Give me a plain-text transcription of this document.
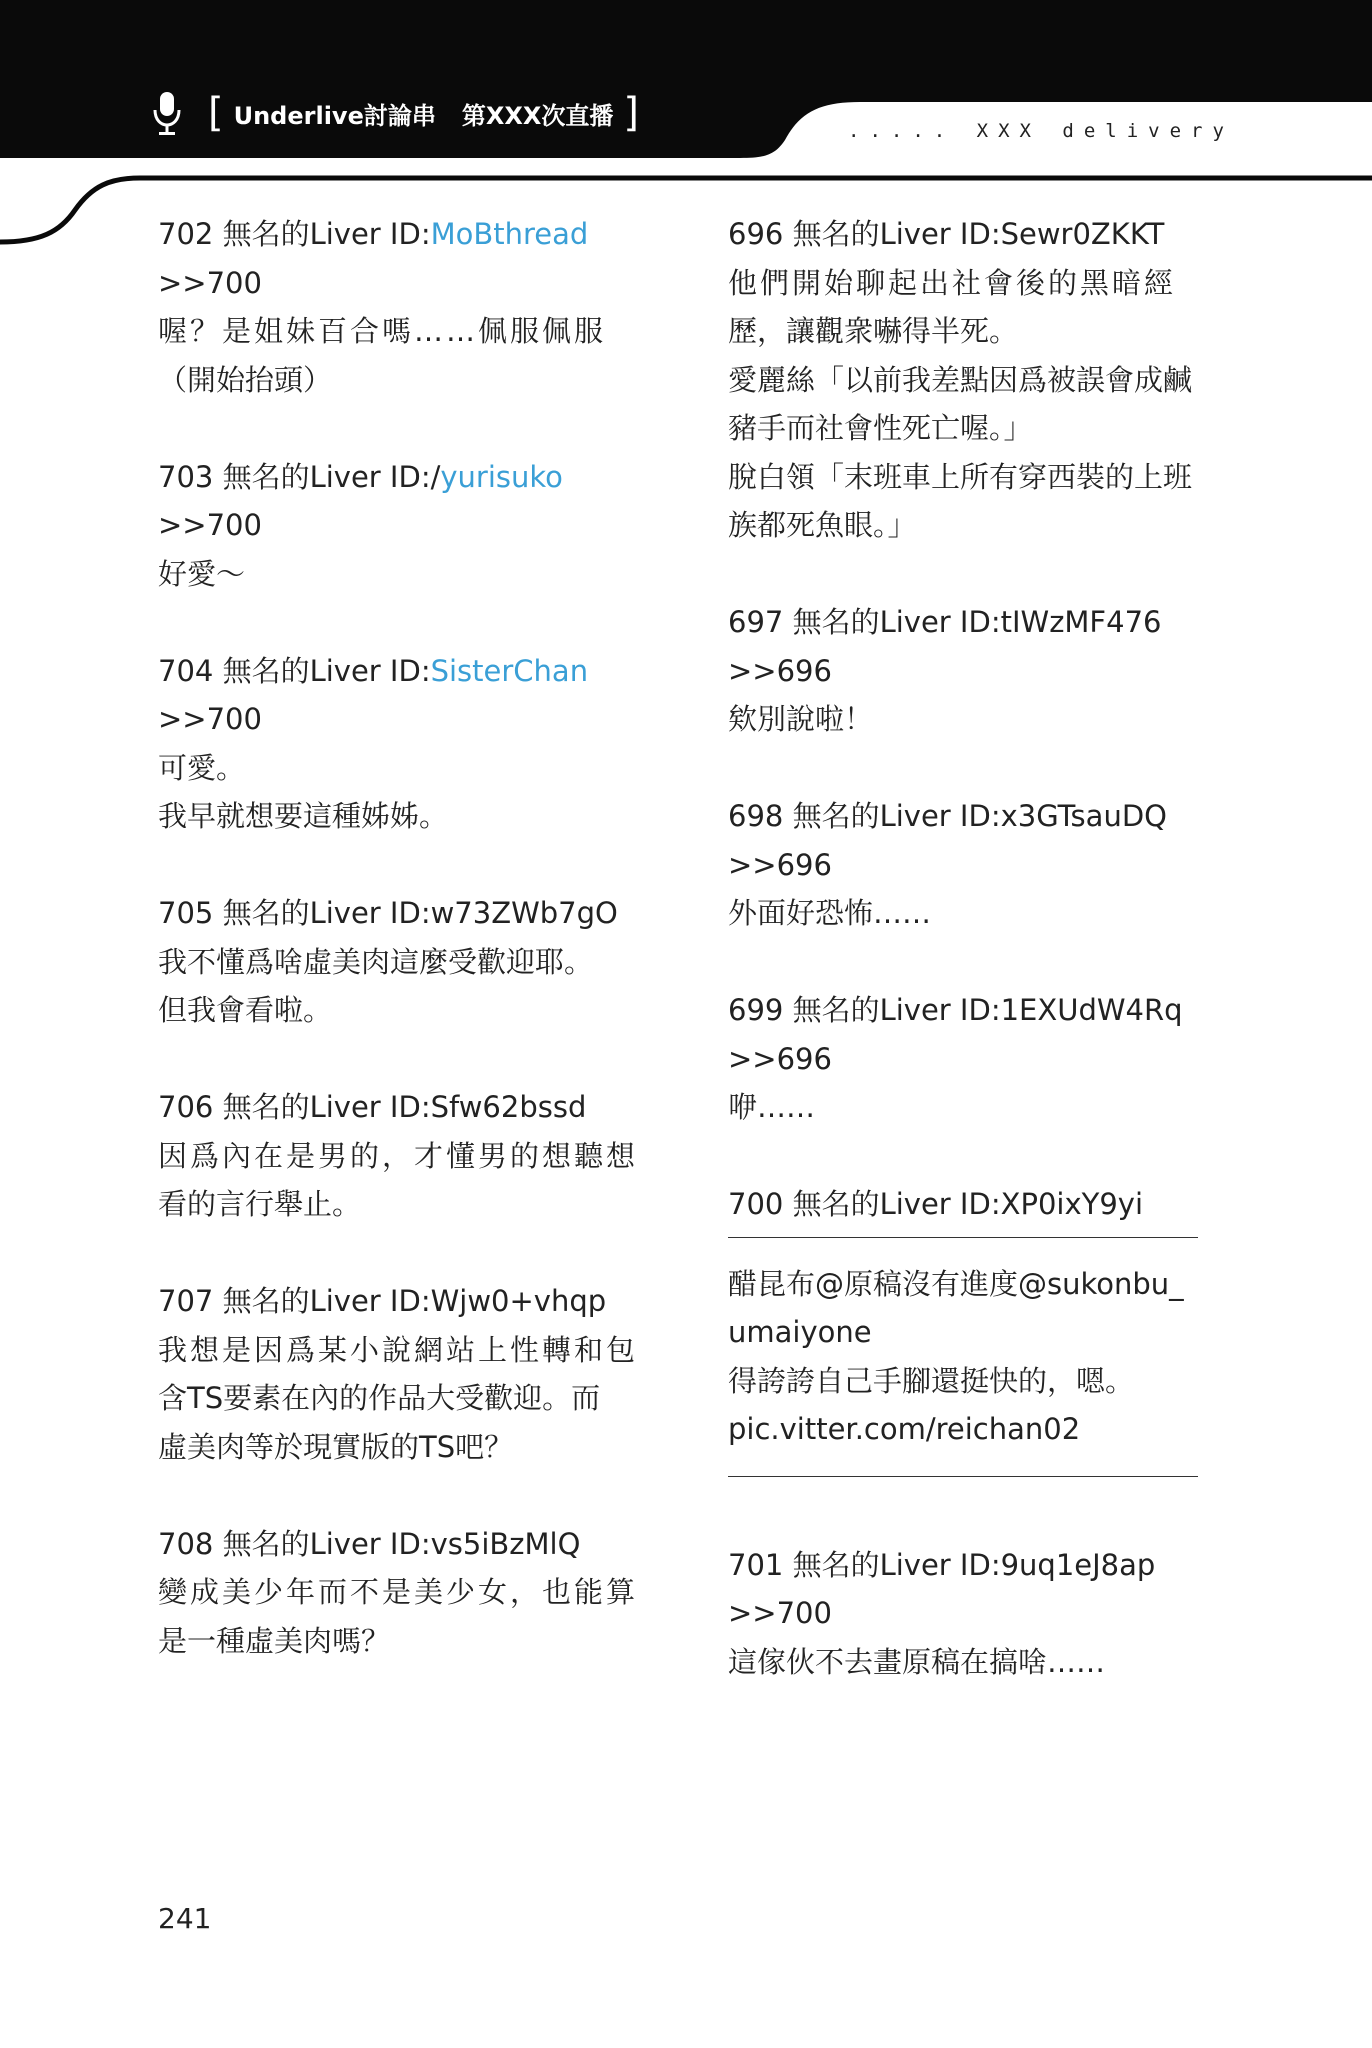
[ Underlive討論串 第XXX次直播 ]	..... XXX delivery
702 無名的Liver ID:MoBthread
>>700
喔？是姐妹百合嗎……佩服佩服
（開始抬頭）
703 無名的Liver ID:/yurisuko
>>700
好愛～
704 無名的Liver ID:SisterChan
>>700
可愛。
我早就想要這種姊姊。
705 無名的Liver ID:w73ZWb7gO
我不懂爲啥虛美肉這麼受歡迎耶。
但我會看啦。
706 無名的Liver ID:Sfw62bssd
因爲內在是男的，才懂男的想聽想
看的言行舉止。
707 無名的Liver ID:Wjw0+vhqp
我想是因爲某小說網站上性轉和包
含TS要素在內的作品大受歡迎。而
虛美肉等於現實版的TS吧？
708 無名的Liver ID:vs5iBzMlQ
變成美少年而不是美少女，也能算
是一種虛美肉嗎？
696 無名的Liver ID:Sewr0ZKKT
他們開始聊起出社會後的黑暗經
歷，讓觀衆嚇得半死。
愛麗絲「以前我差點因爲被誤會成鹹
豬手而社會性死亡喔。」
脫白領「末班車上所有穿西裝的上班
族都死魚眼。」
697 無名的Liver ID:tIWzMF476
>>696
欸別說啦！
698 無名的Liver ID:x3GTsauDQ
>>696
外面好恐怖……
699 無名的Liver ID:1EXUdW4Rq
>>696
咿……
700 無名的Liver ID:XP0ixY9yi
醋昆布@原稿沒有進度@sukonbu_
umaiyone
得誇誇自己手腳還挺快的，嗯。
pic.vitter.com/reichan02
701 無名的Liver ID:9uq1eJ8ap
>>700
這傢伙不去畫原稿在搞啥……
241
